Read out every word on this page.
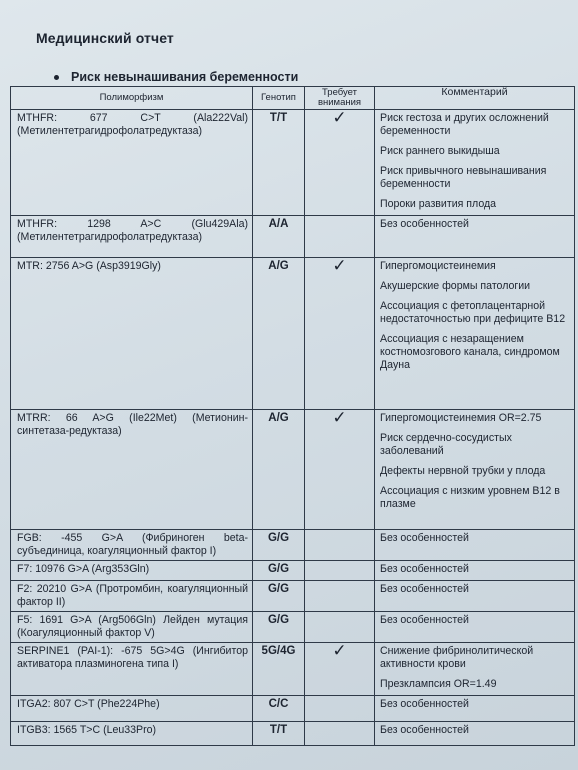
Медицинский отчет
Риск невынашивания беременности
Полиморфизм	Генотип	Требует внимания	Комментарий
MTHFR: 677 C>T (Ala222Val) (Метилентетрагидрофолатредуктаза)	T/T	✓	Риск гестоза и других осложнений беременности
Риск раннего выкидыша
Риск привычного невынашивания беременности
Пороки развития плода

MTHFR: 1298 A>C (Glu429Ala) (Метилентетрагидрофолатредуктаза)	A/A		Без особенностей

MTR: 2756 A>G (Asp3919Gly)	A/G	✓	Гипергомоцистеинемия
Акушерские формы патологии
Ассоциация с фетоплацентарной недостаточностью при дефиците B12
Ассоциация с незаращением костномозгового канала, синдромом Дауна

MTRR: 66 A>G (Ile22Met) (Метионин-синтетаза-редуктаза)	A/G	✓	Гипергомоцистеинемия OR=2.75
Риск сердечно-сосудистых заболеваний
Дефекты нервной трубки у плода
Ассоциация с низким уровнем B12 в плазме

FGB: -455 G>A (Фибриноген beta-субъединица, коагуляционный фактор I)	G/G		Без особенностей

F7: 10976 G>A (Arg353Gln)	G/G		Без особенностей

F2: 20210 G>A (Протромбин, коагуляционный фактор II)	G/G		Без особенностей

F5: 1691 G>A (Arg506Gln) Лейден мутация (Коагуляционный фактор V)	G/G		Без особенностей

SERPINE1 (PAI-1): -675 5G>4G (Ингибитор активатора плазминогена типа I)	5G/4G	✓	Снижение фибринолитической активности крови
Презклампсия OR=1.49

ITGA2: 807 C>T (Phe224Phe)	C/C		Без особенностей

ITGB3: 1565 T>C (Leu33Pro)	T/T		Без особенностей
